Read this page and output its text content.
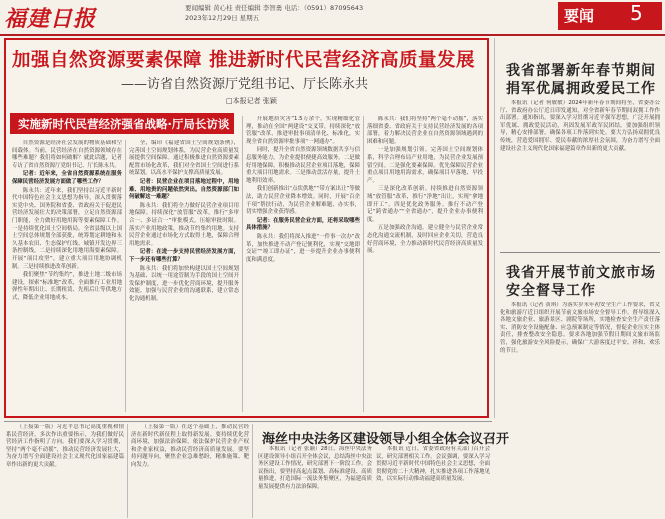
福建日报	要闻编辑 黄心桂 责任编辑 李智勇 电话：（0591）87095643
2023年12月29日 星期五	要闻 5
加强自然资源要素保障 推进新时代民营经济高质量发展
——访省自然资源厅党组书记、厅长陈永共
□本报记者 张颖
实施新时代民营经济强省战略·厅局长访谈

自然资源是经济社会发展的物质基础和空间载体。当前，民营经济在自然资源领域存在哪些难题？我们将如何破解？就此话题，记者专访了省自然资源厅党组书记、厅长陈永共。

记者：近年来，全省自然资源系统在服务保障民营经济发展方面做了哪些工作？

陈永共：近年来，我们坚持以习近平新时代中国特色社会主义思想为指导，深入贯彻落实党中央、国务院和省委、省政府关于促进民营经济发展壮大的决策部署，立足自然资源部门职能，全力做好用地用海等要素保障工作。一是持续优化国土空间格局。全省县级以上国土空间总体规划全部获批，统筹划定耕地和永久基本农田、生态保护红线、城镇开发边界三条控制线。二是持续深化用地用海要素保障。开展“项目攻坚”，建立重大项目用地协调机制。三是持续推进改革创新。

我们聚焦“节约集约”，推进土地二级市场建设，探索“标准地”改革，全面推行工业用地弹性年期出让、长期租赁、先租后让等供地方式，降低企业用地成本。

全，编印《福建省国土空间规划条例》，完善国土空间规划体系，为民营企业高质量发展提供空间保障。通过积极推进自然资源要素配置市场化改革，我们对全省国土空间进行系统谋划，以高水平保护支撑高质量发展。

记者：民营企业在项目落地过程中，用地难、用地贵的问题依然突出。自然资源部门如何破解这一难题？

陈永共：我们将全力做好民营企业项目用地保障。持续深化“放管服”改革，推行“多审合一、多证合一”审批模式，压缩审批时限。落实产业用地政策，推动节约集约用地。支持民营企业通过市场化方式取得土地，保障合理用地需求。

记者：在进一步支持民营经济发展方面，下一步还有哪些打算？

陈永共：我们将加快构建以国土空间规划为基础、以统一用途管制为手段的国土空间开发保护制度，进一步优化营商环境，提升服务效能。加强与民营企业的沟通联系，建立常态化沟通机制。

开展地质灾害“1.5万余个，实现精细化管理，推动在全国“两建设”交叉带，持续深化“放管服”改革，推进审批事项清单化、标准化，实现全省自然资源审批事项“一网通办”。

同时，提升全省自然资源领域数据共享与信息服务能力，为企业提供便捷高效服务。二是做好用地保障。积极推动民营企业项目落地，保障重大项目用地需求。三是推动盘活存量，提升土地利用效率。

我们创新推出“点状供地”“带方案出让”等做法，助力民营企业降本增效。同时，开展“百企千项”帮扶行动，为民营企业解难题、办实事，切实增强企业获得感。

记者：在服务民营企业方面，还将采取哪些具体措施？

陈永共：我们将深入推进“一件事一次办”改革，加快推进不动产登记便利化，实现“交地即交证”“竣工即办证”，进一步提升企业办事便利度和满意度。

陈永共：我们将坚持“两个毫不动摇”，落实落细省委、省政府关于支持民营经济发展的各项部署，着力解决民营企业在自然资源领域遇到的困难和问题。

一是加强规划引领。完善国土空间规划体系，科学合理布局产业用地，为民营企业发展预留空间。二是强化要素保障。优先保障民营企业重点项目用地用海需求，确保项目早落地、早投产。

三是深化改革创新。持续推进自然资源领域“放管服”改革，推行“净地”出让，实现“拿地即开工”。四是优化政务服务。推行不动产登记“跨省通办”“全省通办”，提升企业办事便利度。

五是加强政企沟通。建立健全与民营企业常态化沟通交流机制，及时回应企业关切，营造良好营商环境，全力推动新时代民营经济高质量发展。

我省部署新年春节期间
捐军优属拥政爱民工作

本报讯（记者 何敏敏）2024年新年春节期间将至，省委办公厅、省政府办公厅近日印发通知，对全省新年春节期间双拥工作作出部署。通知指出，要深入学习贯彻习近平强军思想，广泛开展拥军优属、拥政爱民活动，巩固发展军政军民团结。要加强组织领导，精心安排部署，确保各项工作落到实处。要大力弘扬双拥优良传统，营造爱国拥军、爱民奉献的浓厚社会氛围，为奋力谱写全面建设社会主义现代化国家福建篇章作出新的更大贡献。

我省开展节前文旅市场
安全督导工作

本报讯（记者 黄琪）为落实岁末年初安全生产工作要求，省文化和旅游厅近日组织开展节前文旅市场安全督导工作。督导组深入各地文旅企业、旅游景区、剧院等场所，实地检查安全生产责任落实、消防安全设施配备、应急预案制定等情况，督促企业压实主体责任，排查整改安全隐患。要求各地加强节假日期间文旅市场监管，强化旅游安全风险提示，确保广大游客度过平安、祥和、欢乐的节日。

（上接第一版）习近平总书记高度重视和情系民营经济，多次作出重要指示，为我们做好民营经济工作指明了方向。我们要深入学习贯彻，坚持“两个毫不动摇”，推动民营经济发展壮大，为奋力谱写全面建设社会主义现代化国家福建篇章作出新的更大贡献。

（上接第一版）在这个基础上，推动民营经济在新时代新征程上取得新发展。要持续优化营商环境，加强法治保障，依法保护民营企业产权和企业家权益，推动民营经济高质量发展。要坚持问题导向，聚焦企业急难愁盼，精准施策、靶向发力。

海丝中央法务区建设领导小组全体会议召开

本报讯（记者 张颖）28日，海丝中央法务区建设领导小组召开全体会议，总结海丝中央法务区建设工作情况，研究部署下一阶段工作。会议指出，要坚持高起点谋划、高标准建设、高质量推进，打造国际一流法务集聚区，为福建高质量发展提供有力法治保障。

本报讯 近日，省委省政府有关部门召开会议，研究部署相关工作。会议强调，要深入学习贯彻习近平新时代中国特色社会主义思想，全面贯彻党的二十大精神，扎实推进各项工作落地见效，以实际行动推动福建高质量发展。
